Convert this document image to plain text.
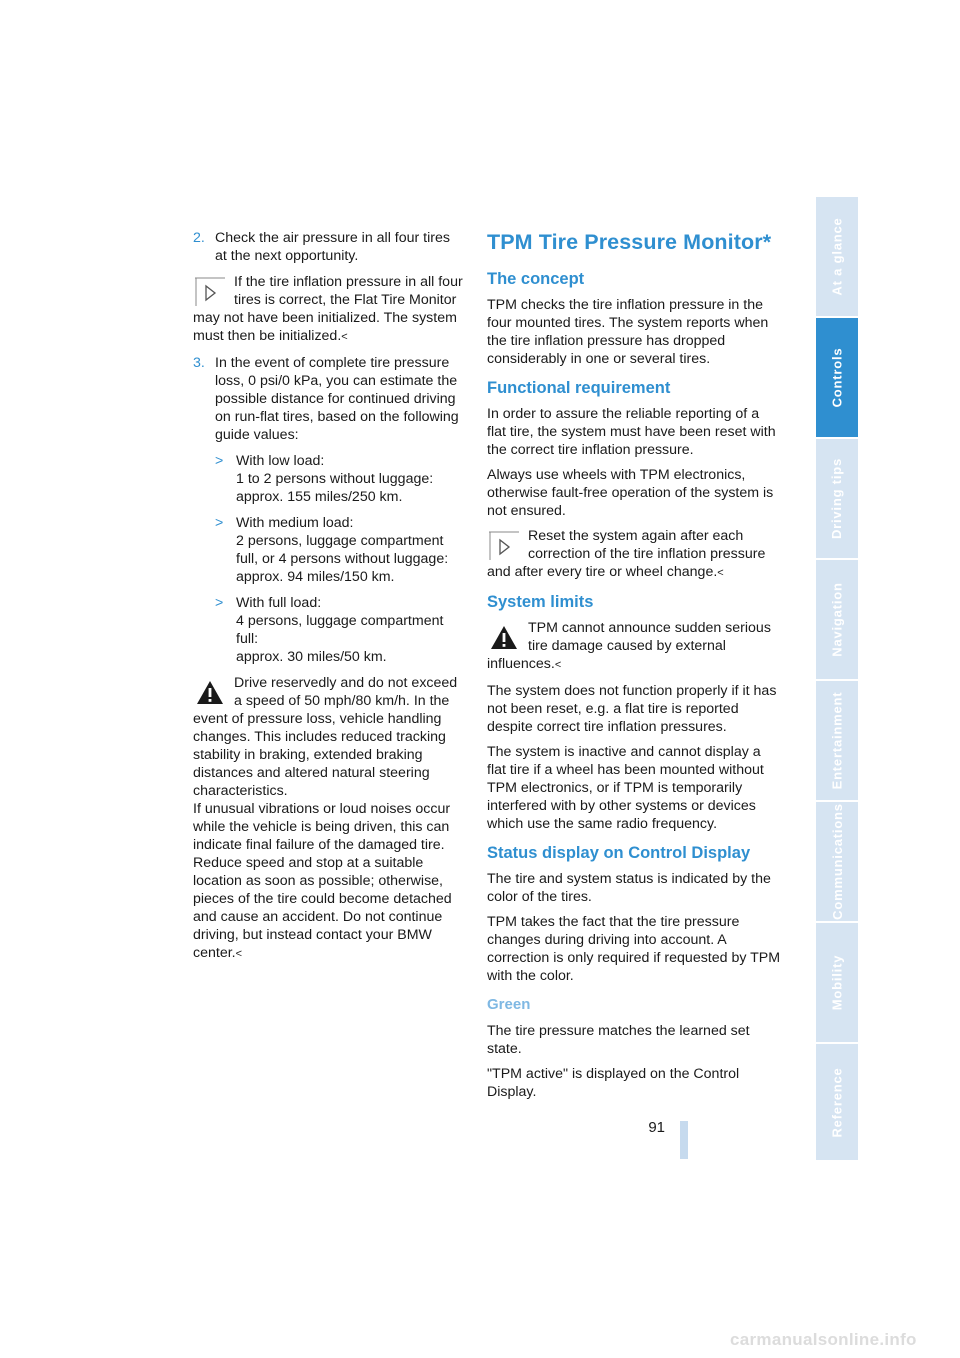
2. Check the air pressure in all four tires at the next opportunity.
If the tire inflation pressure in all four tires is correct, the Flat Tire Monitor may not have been initialized. The system must then be initialized.<
3. In the event of complete tire pressure loss, 0 psi/0 kPa, you can estimate the possible distance for continued driving on run-flat tires, based on the following guide values:
> With low load:
1 to 2 persons without luggage:
approx. 155 miles/250 km.
> With medium load:
2 persons, luggage compartment full, or 4 persons without luggage:
approx. 94 miles/150 km.
> With full load:
4 persons, luggage compartment full:
approx. 30 miles/50 km.
Drive reservedly and do not exceed a speed of 50 mph/80 km/h. In the event of pressure loss, vehicle handling changes. This includes reduced tracking stability in braking, extended braking distances and altered natural steering characteristics.
If unusual vibrations or loud noises occur while the vehicle is being driven, this can indicate final failure of the damaged tire. Reduce speed and stop at a suitable location as soon as possible; otherwise, pieces of the tire could become detached and cause an accident. Do not continue driving, but instead contact your BMW center.<
TPM Tire Pressure Monitor*
The concept

TPM checks the tire inflation pressure in the four mounted tires. The system reports when the tire inflation pressure has dropped considerably in one or several tires.

Functional requirement

In order to assure the reliable reporting of a flat tire, the system must have been reset with the correct tire inflation pressure.

Always use wheels with TPM electronics, otherwise fault-free operation of the system is not ensured.

Reset the system again after each correction of the tire inflation pressure and after every tire or wheel change.<
System limits
TPM cannot announce sudden serious tire damage caused by external influences.<

The system does not function properly if it has not been reset, e.g. a flat tire is reported despite correct tire inflation pressures.

The system is inactive and cannot display a flat tire if a wheel has been mounted without TPM electronics, or if TPM is temporarily interfered with by other systems or devices which use the same radio frequency.

Status display on Control Display

The tire and system status is indicated by the color of the tires.

TPM takes the fact that the tire pressure changes during driving into account. A correction is only required if requested by TPM with the color.

Green

The tire pressure matches the learned set state.

"TPM active" is displayed on the Control Display.

At a glance
Controls
Driving tips
Navigation
Entertainment
Communications
Mobility
Reference
91
carmanualsonline.info
